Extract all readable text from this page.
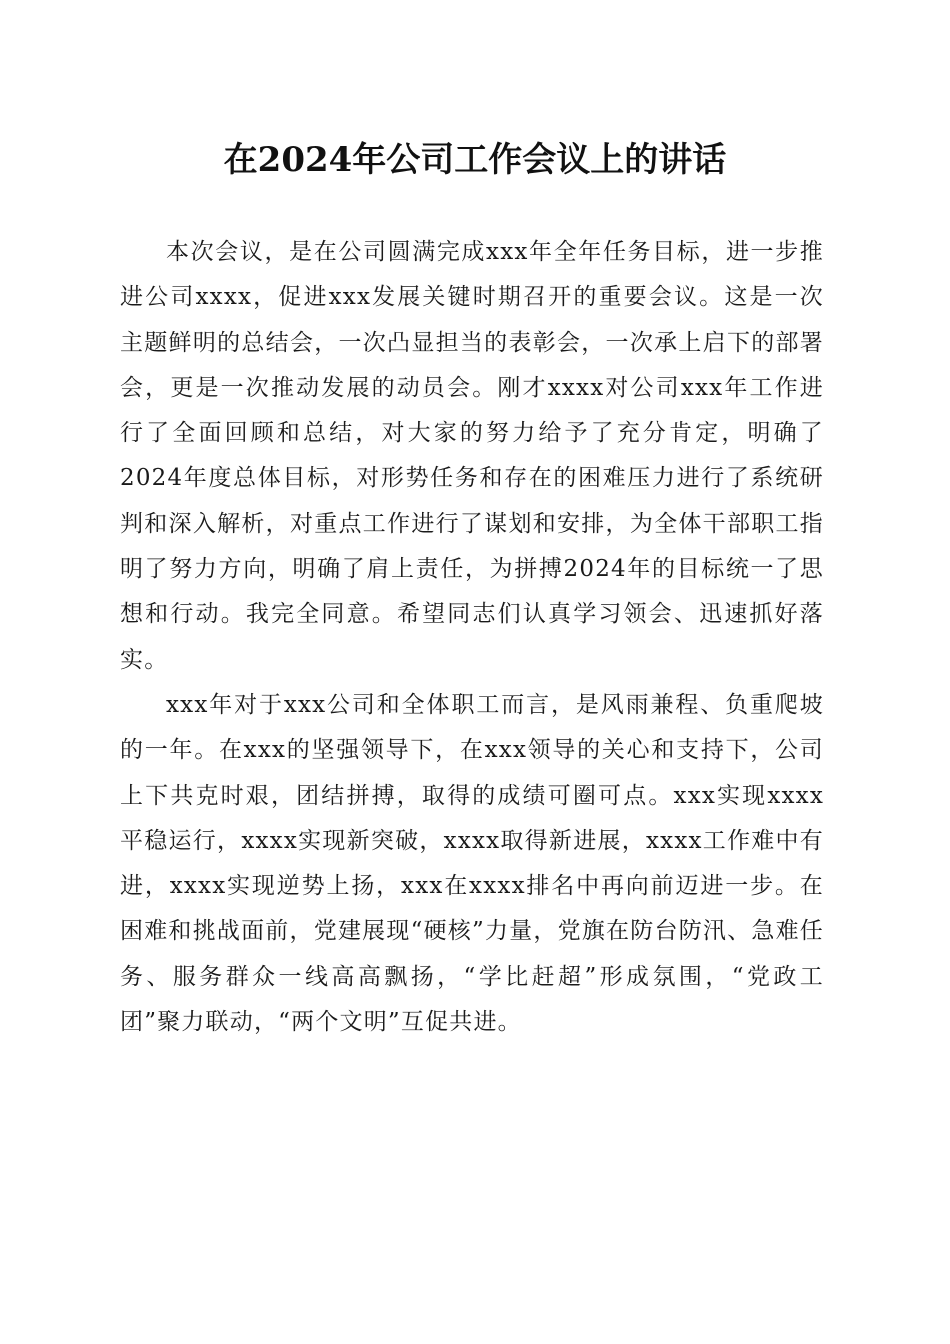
在2024年公司工作会议上的讲话

本次会议，是在公司圆满完成xxx年全年任务目标，进一步推进公司xxxx，促进xxx发展关键时期召开的重要会议。这是一次主题鲜明的总结会，一次凸显担当的表彰会，一次承上启下的部署会，更是一次推动发展的动员会。刚才xxxx对公司xxx年工作进行了全面回顾和总结，对大家的努力给予了充分肯定，明确了2024年度总体目标，对形势任务和存在的困难压力进行了系统研判和深入解析，对重点工作进行了谋划和安排，为全体干部职工指明了努力方向，明确了肩上责任，为拼搏2024年的目标统一了思想和行动。我完全同意。希望同志们认真学习领会、迅速抓好落实。

xxx年对于xxx公司和全体职工而言，是风雨兼程、负重爬坡的一年。在xxx的坚强领导下，在xxx领导的关心和支持下，公司上下共克时艰，团结拼搏，取得的成绩可圈可点。xxx实现xxxx平稳运行，xxxx实现新突破，xxxx取得新进展，xxxx工作难中有进，xxxx实现逆势上扬，xxx在xxxx排名中再向前迈进一步。在困难和挑战面前，党建展现“硬核”力量，党旗在防台防汛、急难任务、服务群众一线高高飘扬，“学比赶超”形成氛围，“党政工团”聚力联动，“两个文明”互促共进。
